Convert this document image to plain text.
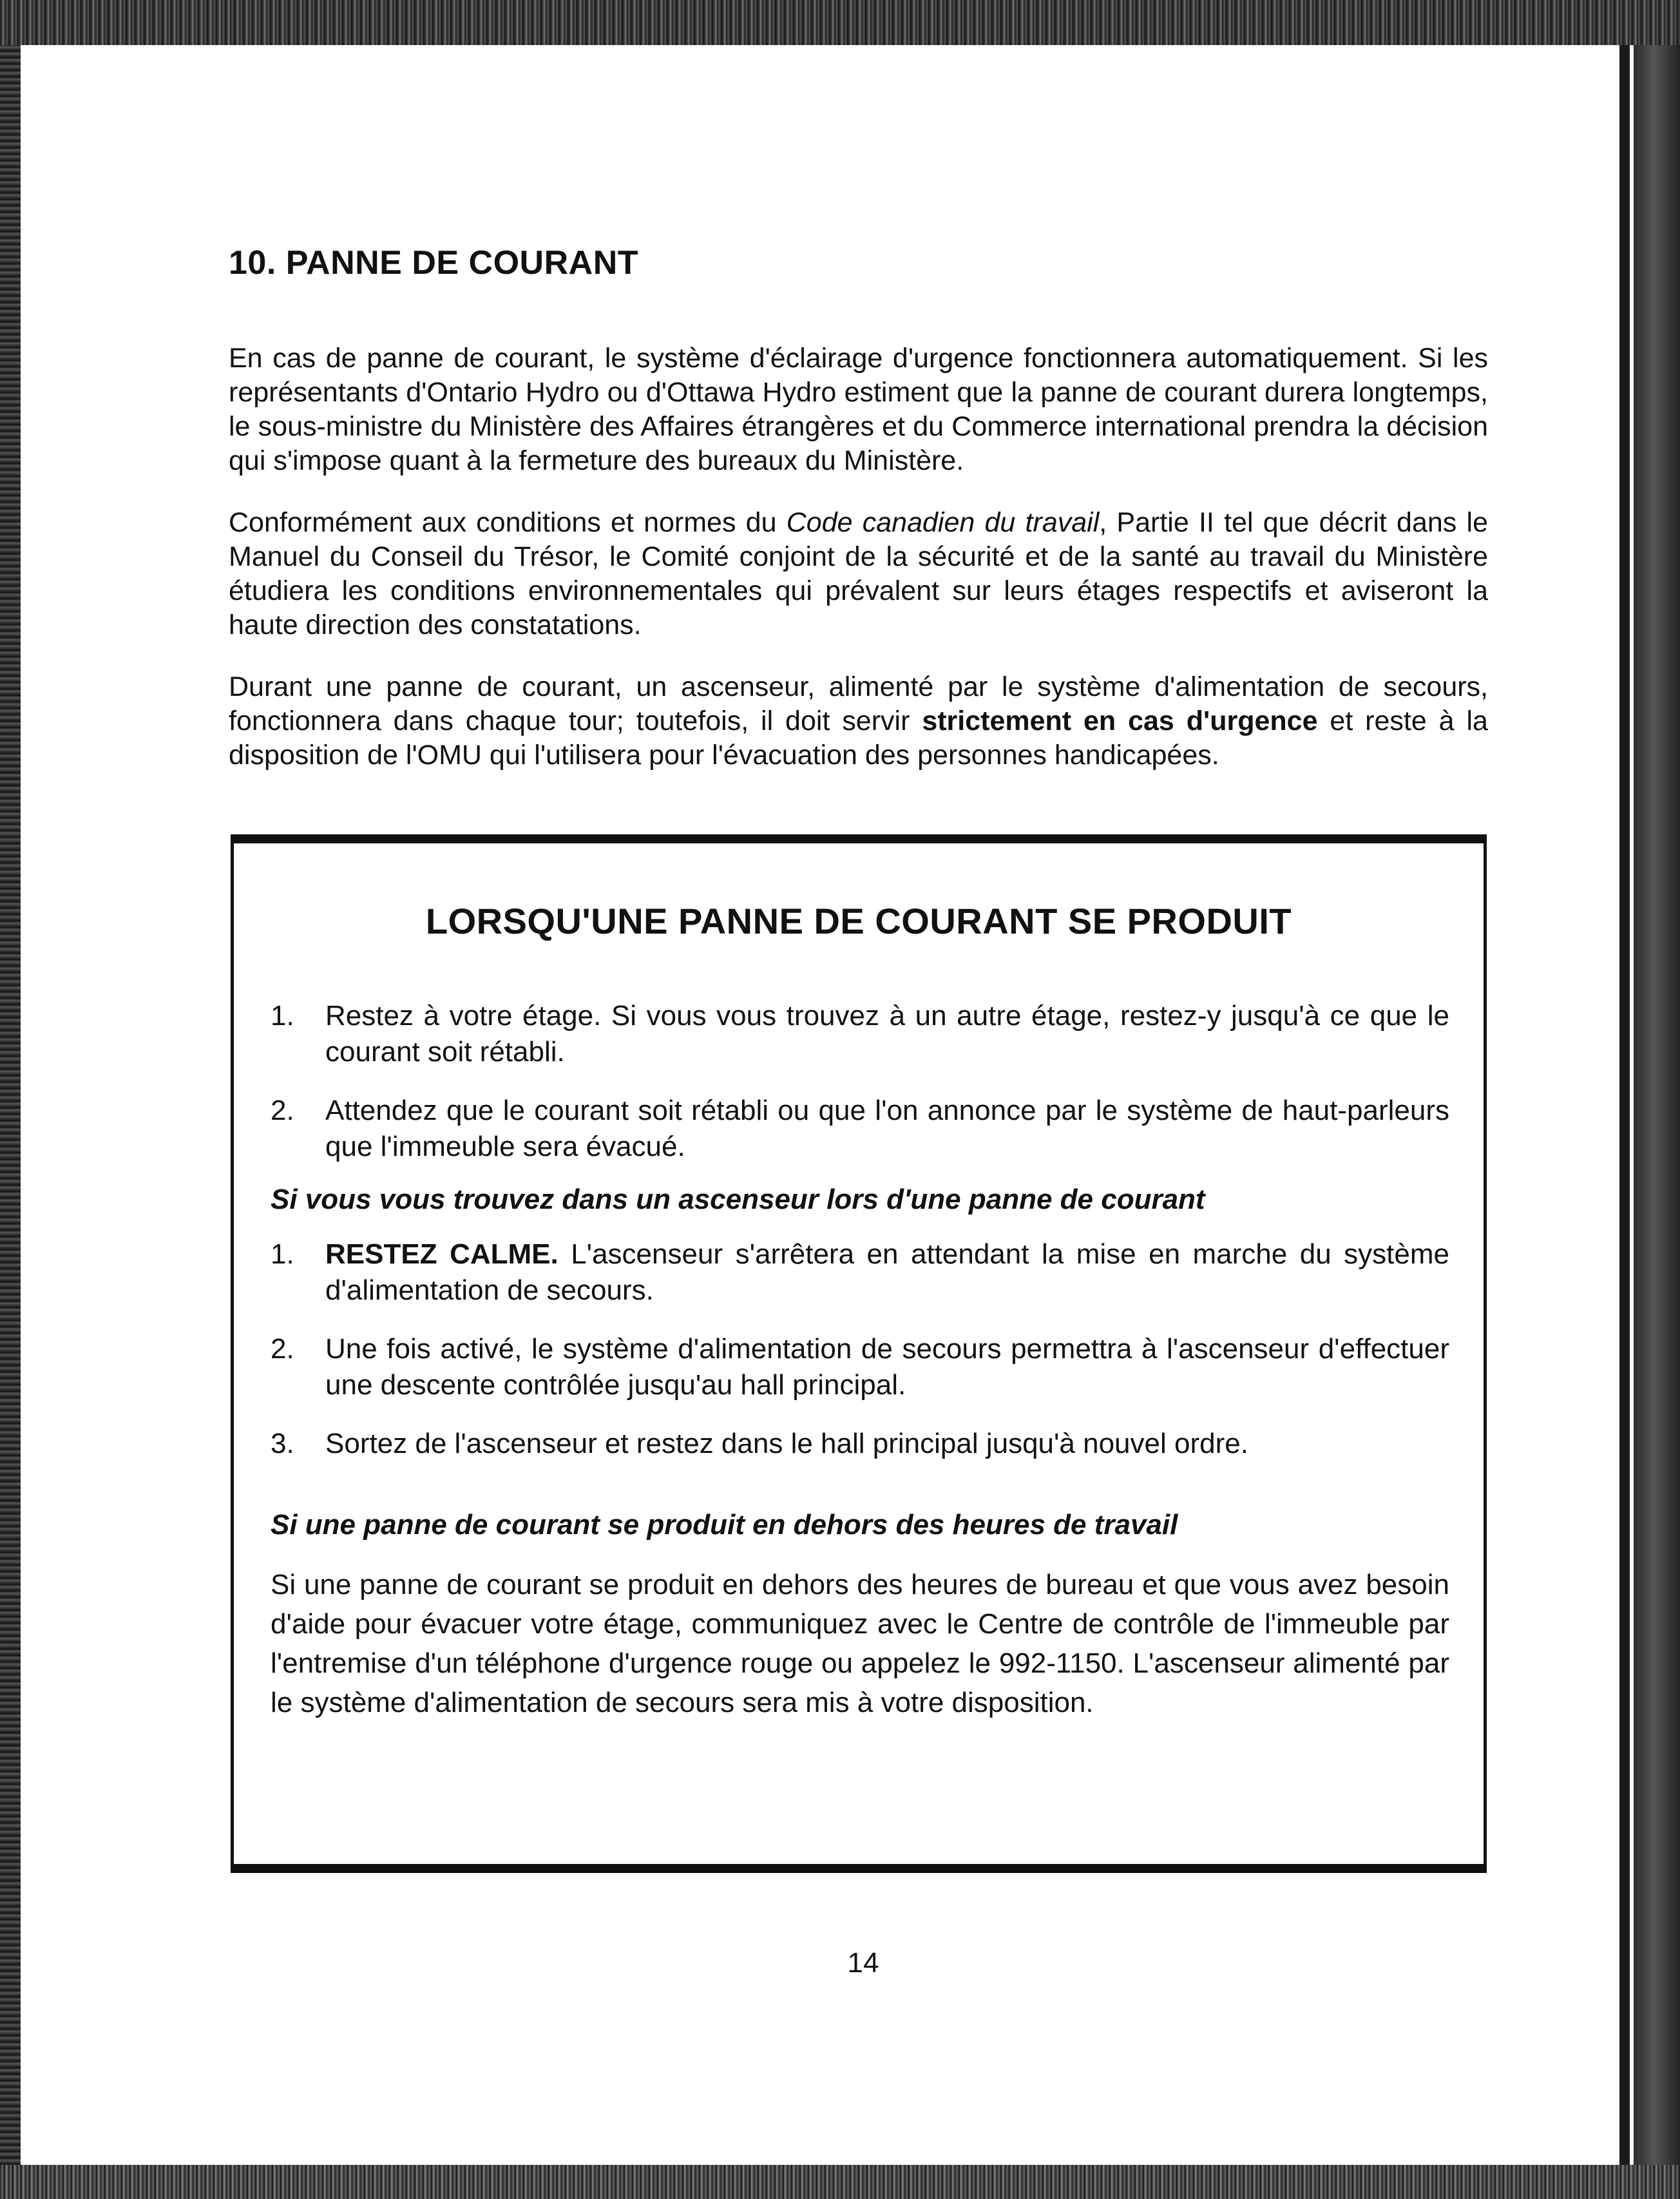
10. PANNE DE COURANT

En cas de panne de courant, le système d'éclairage d'urgence fonctionnera automatiquement. Si les représentants d'Ontario Hydro ou d'Ottawa Hydro estiment que la panne de courant durera longtemps, le sous-ministre du Ministère des Affaires étrangères et du Commerce international prendra la décision qui s'impose quant à la fermeture des bureaux du Ministère.

Conformément aux conditions et normes du Code canadien du travail, Partie II tel que décrit dans le Manuel du Conseil du Trésor, le Comité conjoint de la sécurité et de la santé au travail du Ministère étudiera les conditions environnementales qui prévalent sur leurs étages respectifs et aviseront la haute direction des constatations.

Durant une panne de courant, un ascenseur, alimenté par le système d'alimentation de secours, fonctionnera dans chaque tour; toutefois, il doit servir strictement en cas d'urgence et reste à la disposition de l'OMU qui l'utilisera pour l'évacuation des personnes handicapées.

LORSQU'UNE PANNE DE COURANT SE PRODUIT
1. Restez à votre étage. Si vous vous trouvez à un autre étage, restez-y jusqu'à ce que le courant soit rétabli.
2. Attendez que le courant soit rétabli ou que l'on annonce par le système de haut-parleurs que l'immeuble sera évacué.

Si vous vous trouvez dans un ascenseur lors d'une panne de courant

1. RESTEZ CALME. L'ascenseur s'arrêtera en attendant la mise en marche du système d'alimentation de secours.
2. Une fois activé, le système d'alimentation de secours permettra à l'ascenseur d'effectuer une descente contrôlée jusqu'au hall principal.
3. Sortez de l'ascenseur et restez dans le hall principal jusqu'à nouvel ordre.

Si une panne de courant se produit en dehors des heures de travail

Si une panne de courant se produit en dehors des heures de bureau et que vous avez besoin d'aide pour évacuer votre étage, communiquez avec le Centre de contrôle de l'immeuble par l'entremise d'un téléphone d'urgence rouge ou appelez le 992-1150. L'ascenseur alimenté par le système d'alimentation de secours sera mis à votre disposition.

14
